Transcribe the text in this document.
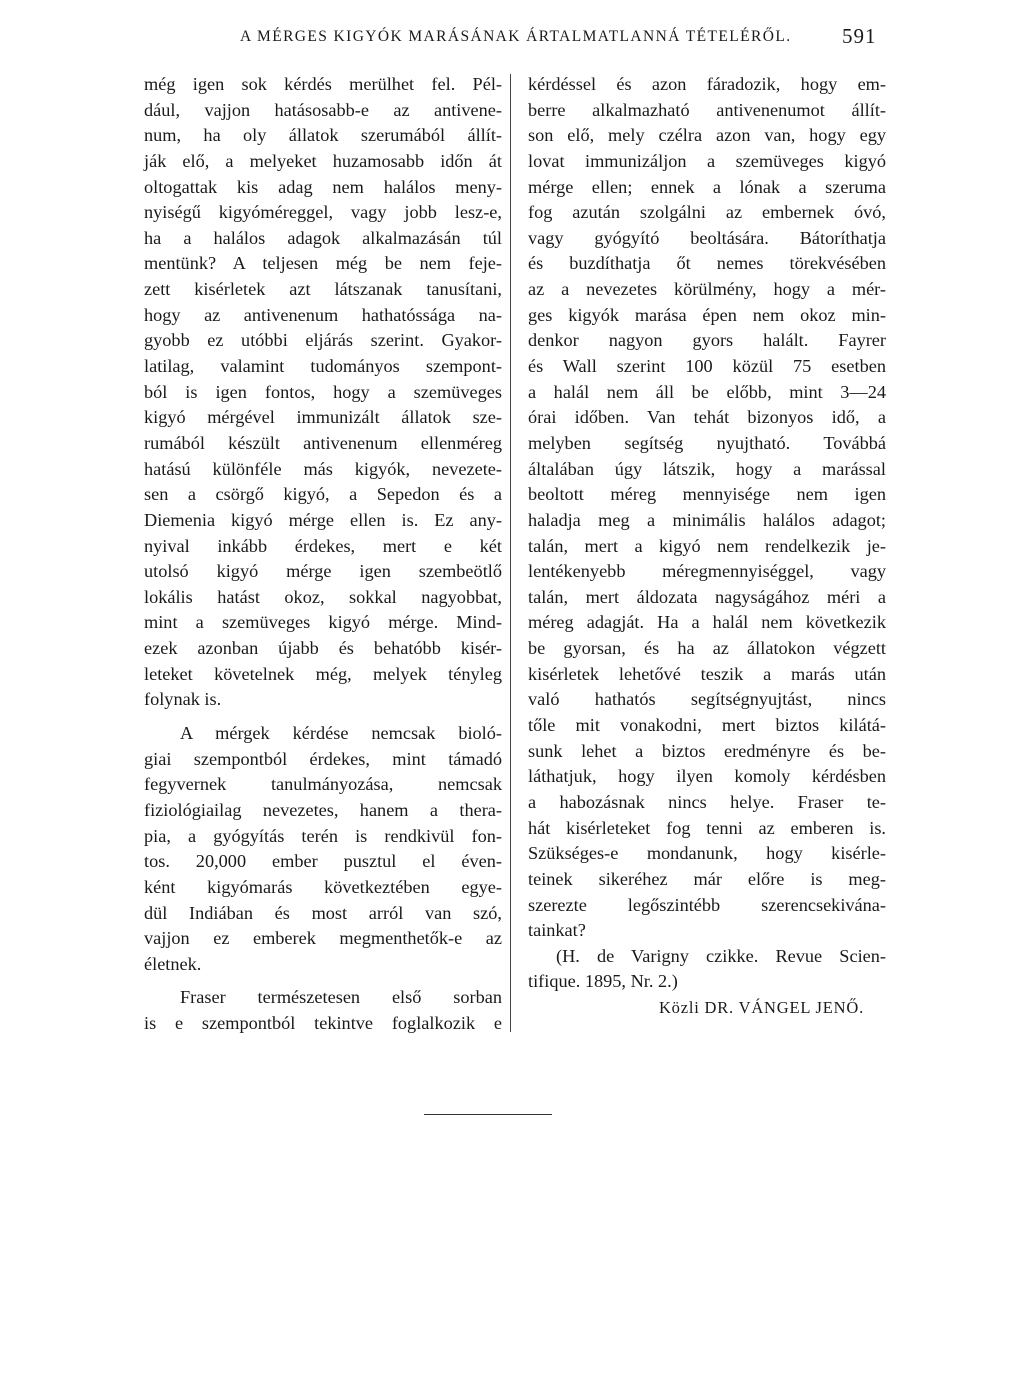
A MÉRGES KIGYÓK MARÁSÁNAK ÁRTALMATLANNÁ TÉTELÉRŐL.	591
még igen sok kérdés merülhet fel. Pél-
dául, vajjon hatásosabb-e az antivene-
num, ha oly állatok szerumából állít-
ják elő, a melyeket huzamosabb időn át
oltogattak kis adag nem halálos meny-
nyiségű kigyóméreggel, vagy jobb lesz-e,
ha a halálos adagok alkalmazásán túl
mentünk? A teljesen még be nem feje-
zett kisérletek azt látszanak tanusítani,
hogy az antivenenum hathatóssága na-
gyobb ez utóbbi eljárás szerint. Gyakor-
latilag, valamint tudományos szempont-
ból is igen fontos, hogy a szemüveges
kigyó mérgével immunizált állatok sze-
rumából készült antivenenum ellenméreg
hatású különféle más kigyók, nevezete-
sen a csörgő kigyó, a Sepedon és a
Diemenia kigyó mérge ellen is. Ez any-
nyival inkább érdekes, mert e két
utolsó kigyó mérge igen szembeötlő
lokális hatást okoz, sokkal nagyobbat,
mint a szemüveges kigyó mérge. Mind-
ezek azonban újabb és behatóbb kisér-
leteket követelnek még, melyek tényleg
folynak is.
A mérgek kérdése nemcsak bioló-
giai szempontból érdekes, mint támadó
fegyvernek tanulmányozása, nemcsak
fiziológiailag nevezetes, hanem a thera-
pia, a gyógyítás terén is rendkivül fon-
tos. 20,000 ember pusztul el éven-
ként kigyómarás következtében egye-
dül Indiában és most arról van szó,
vajjon ez emberek megmenthetők-e az
életnek.
Fraser természetesen első sorban
is e szempontból tekintve foglalkozik e
kérdéssel és azon fáradozik, hogy em-
berre alkalmazható antivenenumot állít-
son elő, mely czélra azon van, hogy egy
lovat immunizáljon a szemüveges kigyó
mérge ellen; ennek a lónak a szeruma
fog azután szolgálni az embernek óvó,
vagy gyógyító beoltására. Bátoríthatja
és buzdíthatja őt nemes törekvésében
az a nevezetes körülmény, hogy a mér-
ges kigyók marása épen nem okoz min-
denkor nagyon gyors halált. Fayrer
és Wall szerint 100 közül 75 esetben
a halál nem áll be előbb, mint 3—24
órai időben. Van tehát bizonyos idő, a
melyben segítség nyujtható. Továbbá
általában úgy látszik, hogy a marással
beoltott méreg mennyisége nem igen
haladja meg a minimális halálos adagot;
talán, mert a kigyó nem rendelkezik je-
lentékenyebb méregmennyiséggel, vagy
talán, mert áldozata nagyságához méri a
méreg adagját. Ha a halál nem következik
be gyorsan, és ha az állatokon végzett
kisérletek lehetővé teszik a marás után
való hathatós segítségnyujtást, nincs
tőle mit vonakodni, mert biztos kilátá-
sunk lehet a biztos eredményre és be-
láthatjuk, hogy ilyen komoly kérdésben
a habozásnak nincs helye. Fraser te-
hát kisérleteket fog tenni az emberen is.
Szükséges-e mondanunk, hogy kisérle-
teinek sikeréhez már előre is meg-
szerezte legőszintébb szerencsekivána-
tainkat?
(H. de Varigny czikke. Revue Scien-
tifique. 1895, Nr. 2.)
Közli DR. VÁNGEL JENŐ.
